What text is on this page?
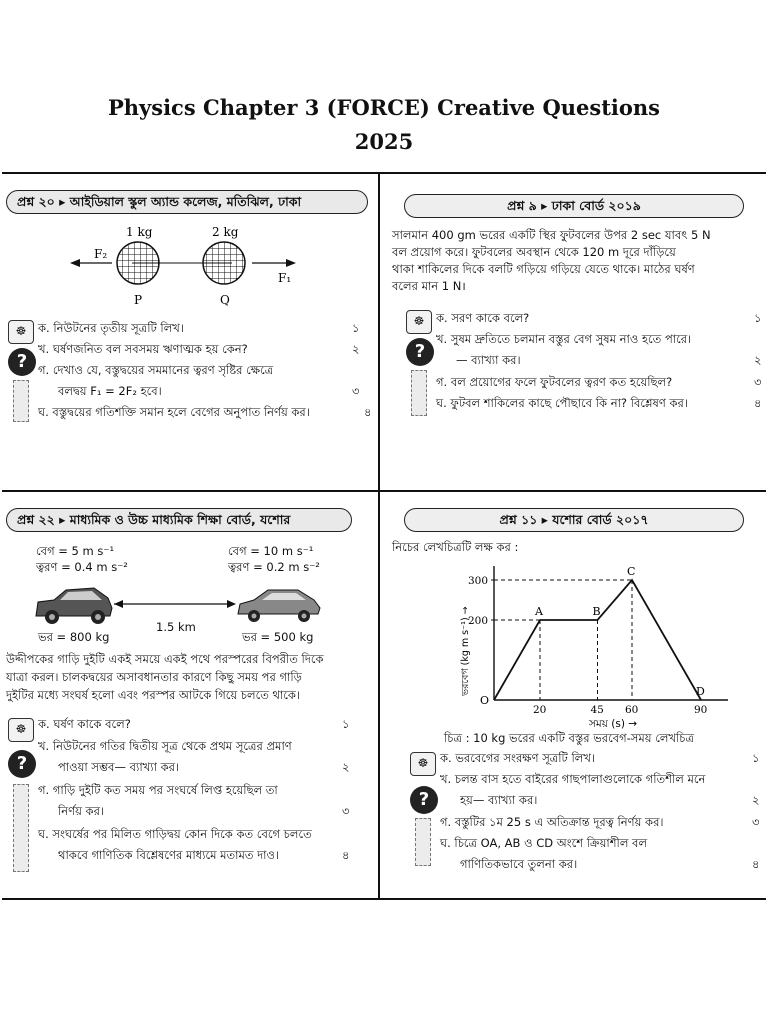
Physics Chapter 3 (FORCE) Creative Questions
2025
প্রশ্ন ২০ ▸ আইডিয়াল স্কুল অ্যান্ড কলেজ, মতিঝিল, ঢাকা
1 kg	2 kg
F₂
F₁
P	Q
☸
?
ক. নিউটনের তৃতীয় সূত্রটি লিখ।	১
খ. ঘর্ষণজনিত বল সবসময় ঋণাত্মক হয় কেন?	২
গ. দেখাও যে, বস্তুদ্বয়ের সমমানের ত্বরণ সৃষ্টির ক্ষেত্রে
বলদ্বয় F₁ = 2F₂ হবে।	৩
ঘ. বস্তুদ্বয়ের গতিশক্তি সমান হলে বেগের অনুপাত নির্ণয় কর।	৪
প্রশ্ন ৯ ▸ ঢাকা বোর্ড ২০১৯
সালমান 400 gm ভরের একটি স্থির ফুটবলের উপর 2 sec যাবৎ 5 N
বল প্রয়োগ করে। ফুটবলের অবস্থান থেকে 120 m দূরে দাঁড়িয়ে
থাকা শাকিলের দিকে বলটি গড়িয়ে গড়িয়ে যেতে থাকে। মাঠের ঘর্ষণ
বলের মান 1 N।
☸
?
ক. সরণ কাকে বলে?	১
খ. সুষম দ্রুতিতে চলমান বস্তুর বেগ সুষম নাও হতে পারে।
— ব্যাখ্যা কর।	২
গ. বল প্রয়োগের ফলে ফুটবলের ত্বরণ কত হয়েছিল?	৩
ঘ. ফুটবল শাকিলের কাছে পৌছাবে কি না? বিশ্লেষণ কর।	৪
প্রশ্ন ২২ ▸ মাধ্যমিক ও উচ্চ মাধ্যমিক শিক্ষা বোর্ড, যশোর
বেগ = 5 m s⁻¹
ত্বরণ = 0.4 m s⁻²
বেগ = 10 m s⁻¹
ত্বরণ = 0.2 m s⁻²
1.5 km
ভর = 800 kg	ভর = 500 kg
উদ্দীপকের গাড়ি দুইটি একই সময়ে একই পথে পরস্পরের বিপরীত দিকে
যাত্রা করল। চালকদ্বয়ের অসাবধানতার কারণে কিছু সময় পর গাড়ি
দুইটির মধ্যে সংঘর্ষ হলো এবং পরস্পর আটকে গিয়ে চলতে থাকে।
☸
?
ক. ঘর্ষণ কাকে বলে?	১
খ. নিউটনের গতির দ্বিতীয় সূত্র থেকে প্রথম সূত্রের প্রমাণ
পাওয়া সম্ভব— ব্যাখ্যা কর।	২
গ. গাড়ি দুইটি কত সময় পর সংঘর্ষে লিপ্ত হয়েছিল তা
নির্ণয় কর।	৩
ঘ. সংঘর্ষের পর মিলিত গাড়িদ্বয় কোন দিকে কত বেগে চলতে
থাকবে গাণিতিক বিশ্লেষণের মাধ্যমে মতামত দাও।	৪
প্রশ্ন ১১ ▸ যশোর বোর্ড ২০১৭
নিচের লেখচিত্রটি লক্ষ কর :
A	B
C
D
O
20	45 60	90
200
300
সময় (s) →
ভরবেগ (kg m s⁻¹) →
চিত্র : 10 kg ভরের একটি বস্তুর ভরবেগ-সময় লেখচিত্র
☸
?
ক. ভরবেগের সংরক্ষণ সূত্রটি লিখ।	১
খ. চলন্ত বাস হতে বাইরের গাছপালাগুলোকে গতিশীল মনে
হয়— ব্যাখ্যা কর।	২
গ. বস্তুটির ১ম 25 s এ অতিক্রান্ত দূরত্ব নির্ণয় কর।	৩
ঘ. চিত্রে OA, AB ও CD অংশে ক্রিয়াশীল বল
গাণিতিকভাবে তুলনা কর।	৪
